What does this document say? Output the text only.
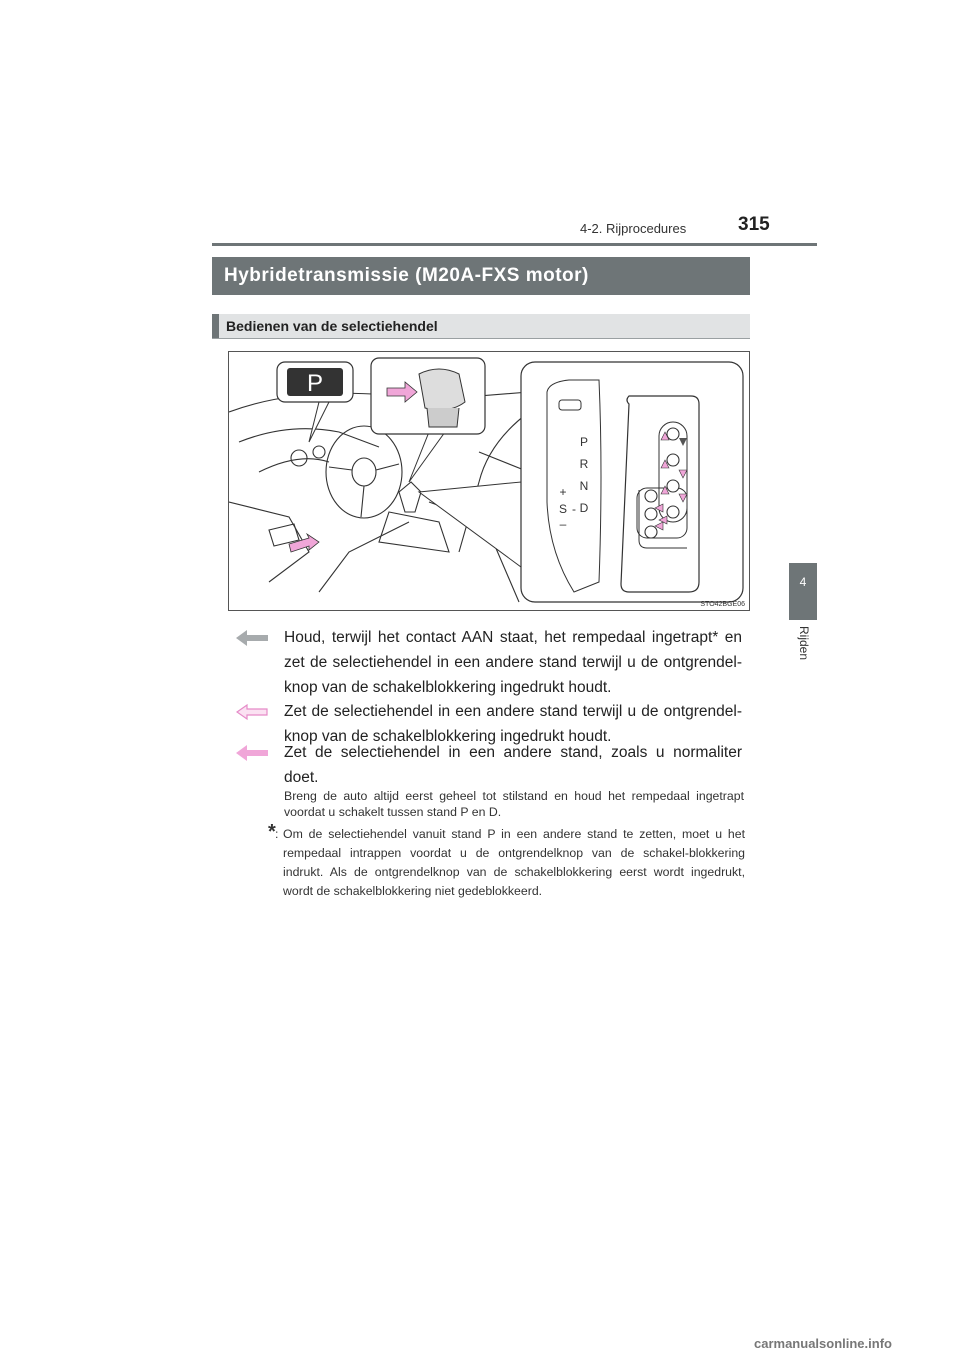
4-2. Rijprocedures	315
4
Rijden
Hybridetransmissie (M20A-FXS motor)
Bedienen van de selectiehendel
P
P
R
N
D
+
S -
–
STO42BGE06
Houd, terwijl het contact AAN staat, het rempedaal ingetrapt* en zet de selectiehendel in een andere stand terwijl u de ontgrendel-knop van de schakelblokkering ingedrukt houdt.
Zet de selectiehendel in een andere stand terwijl u de ontgrendel-knop van de schakelblokkering ingedrukt houdt.
Zet de selectiehendel in een andere stand, zoals u normaliter doet.
Breng de auto altijd eerst geheel tot stilstand en houd het rempedaal ingetrapt voordat u schakelt tussen stand P en D.
* : Om de selectiehendel vanuit stand P in een andere stand te zetten, moet u het rempedaal intrappen voordat u de ontgrendelknop van de schakel-blokkering indrukt. Als de ontgrendelknop van de schakelblokkering eerst wordt ingedrukt, wordt de schakelblokkering niet gedeblokkeerd.
carmanualsonline.info
